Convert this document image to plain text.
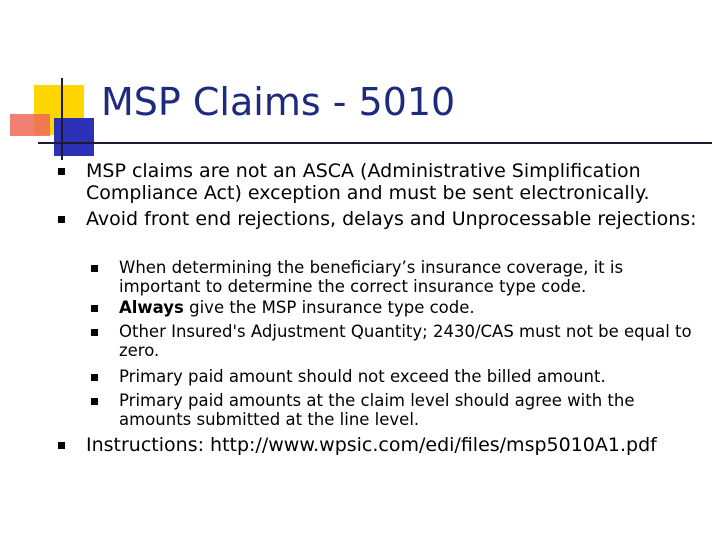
MSP Claims - 5010
MSP claims are not an ASCA (Administrative Simplification Compliance Act) exception and must be sent electronically.
Avoid front end rejections, delays and Unprocessable rejections:
When determining the beneficiary’s insurance coverage, it is important to determine the correct insurance type code.
Always give the MSP insurance type code.
Other Insured's Adjustment Quantity; 2430/CAS must not be equal to zero.
Primary paid amount should not exceed the billed amount.
Primary paid amounts at the claim level should agree with the amounts submitted at the line level.
Instructions: http://www.wpsic.com/edi/files/msp5010A1.pdf
